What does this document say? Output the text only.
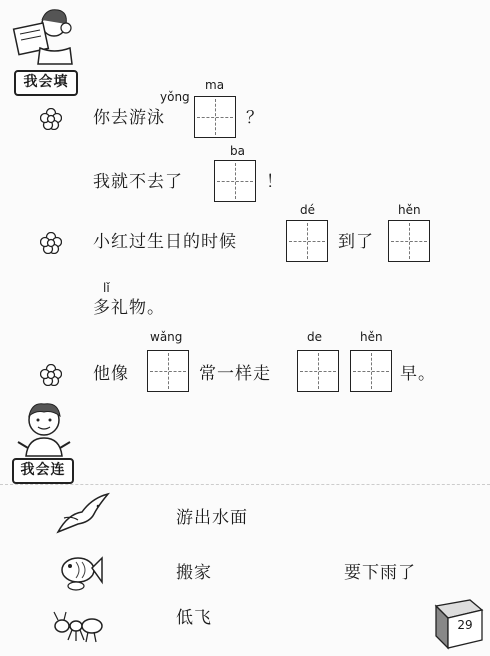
我会填
你去游泳
yǒng
ma
？
我就不去了
ba
！
小红过生日的时候
dé
到了
hěn
lǐ
多礼物。
他像
wǎng
常一样走
de	hěn
早。
我会连
游出水面
搬家
低飞
要下雨了
29
